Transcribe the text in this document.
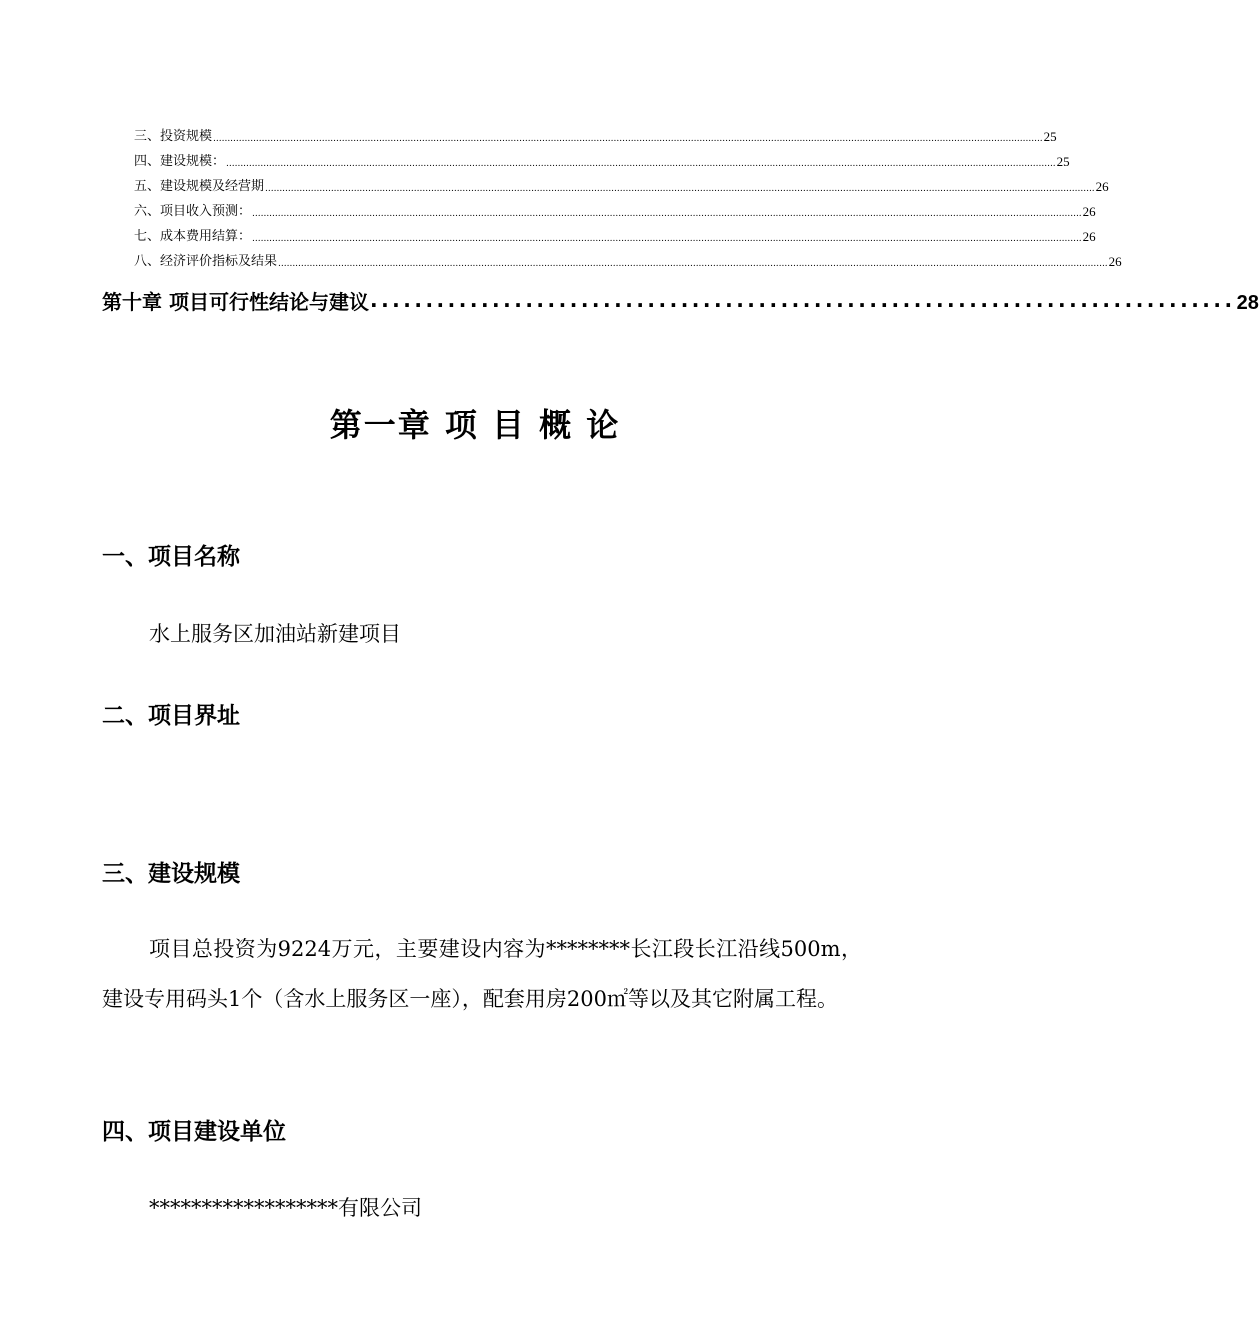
三、投资规模 .................................................................................................................................................................................................................................................................................................. 25
四、建设规模： .................................................................................................................................................................................................................................................................................................. 25
五、建设规模及经营期 .................................................................................................................................................................................................................................................................................................. 26
六、项目收入预测： .................................................................................................................................................................................................................................................................................................. 26
七、成本费用结算： .................................................................................................................................................................................................................................................................................................. 26
八、经济评价指标及结果 .................................................................................................................................................................................................................................................................................................. 26
第十章 项目可行性结论与建议 .............................................................................. 28
第一章 项 目 概 论
一、项目名称
水上服务区加油站新建项目
二、项目界址
三、建设规模
项目总投资为9224万元，主要建设内容为********长江段长江沿线500m，建设专用码头1个（含水上服务区一座），配套用房200㎡等以及其它附属工程。
四、项目建设单位
******************有限公司
